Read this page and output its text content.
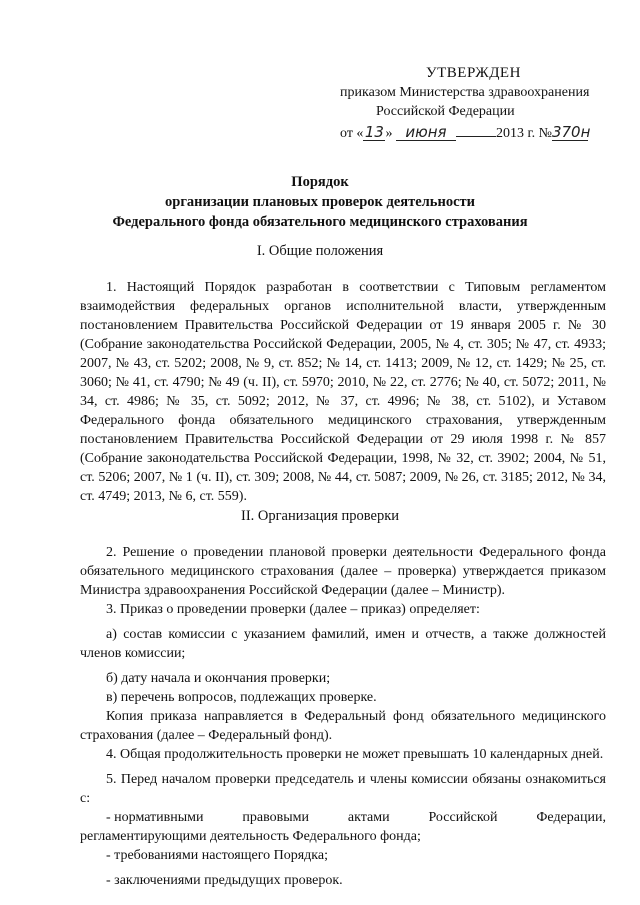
УТВЕРЖДЕН
приказом Министерства здравоохранения
Российской Федерации
от «13» июня	2013 г. №370н
Порядок
организации плановых проверок деятельности
Федерального фонда обязательного медицинского страхования
I. Общие положения

1. Настоящий Порядок разработан в соответствии с Типовым регламентом взаимодействия федеральных органов исполнительной власти, утвержденным постановлением Правительства Российской Федерации от 19 января 2005 г. № 30 (Собрание законодательства Российской Федерации, 2005, № 4, ст. 305; № 47, ст. 4933; 2007, № 43, ст. 5202; 2008, № 9, ст. 852; № 14, ст. 1413; 2009, № 12, ст. 1429; № 25, ст. 3060; № 41, ст. 4790; № 49 (ч. II), ст. 5970; 2010, № 22, ст. 2776; № 40, ст. 5072; 2011, № 34, ст. 4986; № 35, ст. 5092; 2012, № 37, ст. 4996; № 38, ст. 5102), и Уставом Федерального фонда обязательного медицинского страхования, утвержденным постановлением Правительства Российской Федерации от 29 июля 1998 г. № 857 (Собрание законодательства Российской Федерации, 1998, № 32, ст. 3902; 2004, № 51, ст. 5206; 2007, № 1 (ч. II), ст. 309; 2008, № 44, ст. 5087; 2009, № 26, ст. 3185; 2012, № 34, ст. 4749; 2013, № 6, ст. 559).

II. Организация проверки

2. Решение о проведении плановой проверки деятельности Федерального фонда обязательного медицинского страхования (далее – проверка) утверждается приказом Министра здравоохранения Российской Федерации (далее – Министр).

3. Приказ о проведении проверки (далее – приказ) определяет:

а) состав комиссии с указанием фамилий, имен и отчеств, а также должностей членов комиссии;

б) дату начала и окончания проверки;

в) перечень вопросов, подлежащих проверке.

Копия приказа направляется в Федеральный фонд обязательного медицинского страхования (далее – Федеральный фонд).

4. Общая продолжительность проверки не может превышать 10 календарных дней.

5. Перед началом проверки председатель и члены комиссии обязаны ознакомиться с:

- нормативными	правовыми	актами	Российской	Федерации,

регламентирующими деятельность Федерального фонда;

- требованиями настоящего Порядка;

- заключениями предыдущих проверок.
